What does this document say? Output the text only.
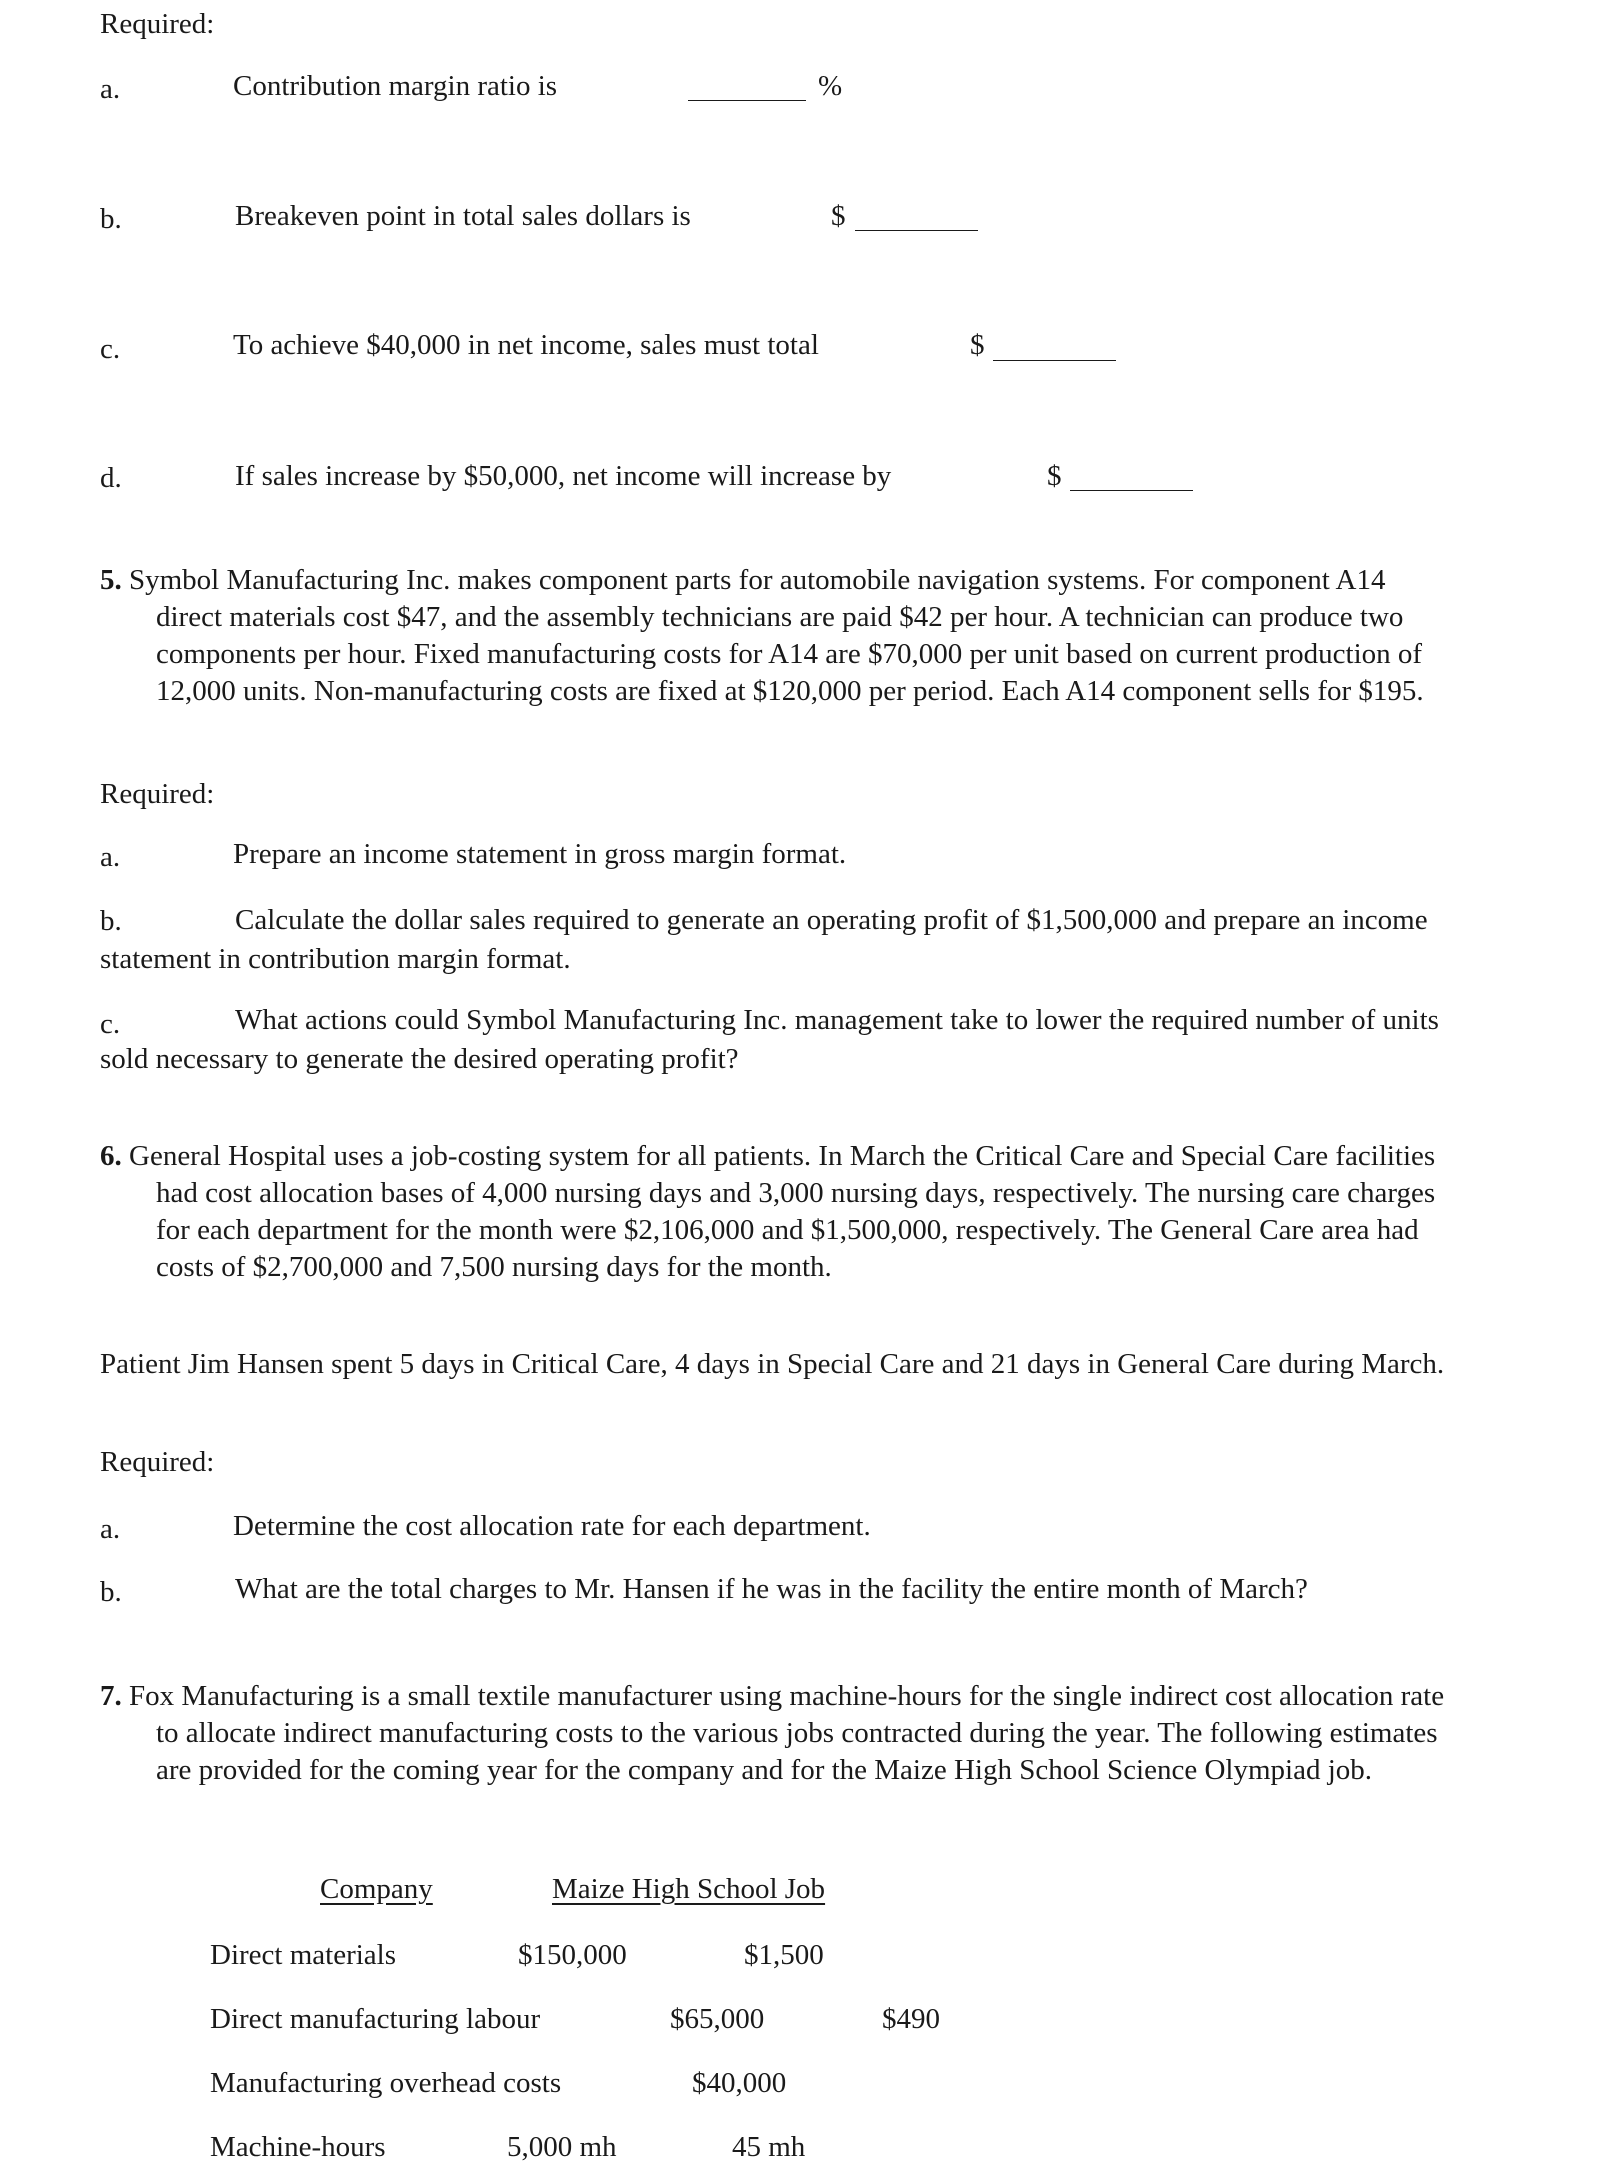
Required:
a.	Contribution margin ratio is	%
b.	Breakeven point in total sales dollars is	$
c.	To achieve $40,000 in net income, sales must total	$
d.	If sales increase by $50,000, net income will increase by	$
5. Symbol Manufacturing Inc. makes component parts for automobile navigation systems. For component A14
direct materials cost $47, and the assembly technicians are paid $42 per hour. A technician can produce two
components per hour. Fixed manufacturing costs for A14 are $70,000 per unit based on current production of
12,000 units. Non-manufacturing costs are fixed at $120,000 per period. Each A14 component sells for $195.
Required:
a.	Prepare an income statement in gross margin format.
b.	Calculate the dollar sales required to generate an operating profit of $1,500,000 and prepare an income
statement in contribution margin format.
c.	What actions could Symbol Manufacturing Inc. management take to lower the required number of units
sold necessary to generate the desired operating profit?
6. General Hospital uses a job-costing system for all patients. In March the Critical Care and Special Care facilities
had cost allocation bases of 4,000 nursing days and 3,000 nursing days, respectively. The nursing care charges
for each department for the month were $2,106,000 and $1,500,000, respectively. The General Care area had
costs of $2,700,000 and 7,500 nursing days for the month.
Patient Jim Hansen spent 5 days in Critical Care, 4 days in Special Care and 21 days in General Care during March.
Required:
a.	Determine the cost allocation rate for each department.
b.	What are the total charges to Mr. Hansen if he was in the facility the entire month of March?
7. Fox Manufacturing is a small textile manufacturer using machine-hours for the single indirect cost allocation rate
to allocate indirect manufacturing costs to the various jobs contracted during the year. The following estimates
are provided for the coming year for the company and for the Maize High School Science Olympiad job.
Company	Maize High School Job
Direct materials	$150,000	$1,500
Direct manufacturing labour	$65,000	$490
Manufacturing overhead costs	$40,000
Machine-hours	5,000 mh	45 mh
